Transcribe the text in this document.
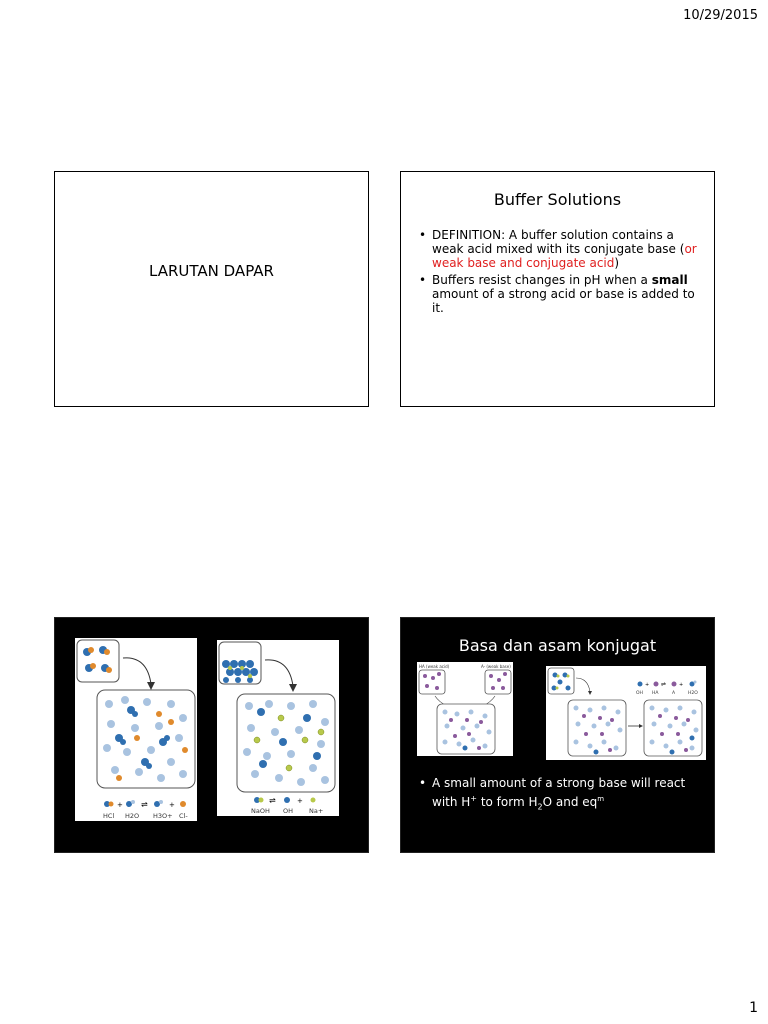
10/29/2015
LARUTAN DAPAR
Buffer Solutions
• DEFINITION: A buffer solution contains a weak acid mixed with its conjugate base (or weak base and conjugate acid)
• Buffers resist changes in pH when a small amount of a strong acid or base is added to it.
+ ⇌	+
HCl H2O H3O+ Cl-
⇌	+
NaOH OH Na+
Basa dan asam konjugat
HA (weak acid)	A- (weak base)
+ ⇌	+
OH HA	A	H2O
• A small amount of a strong base will react with H+ to form $H_2O$ and $eq^m$
1
